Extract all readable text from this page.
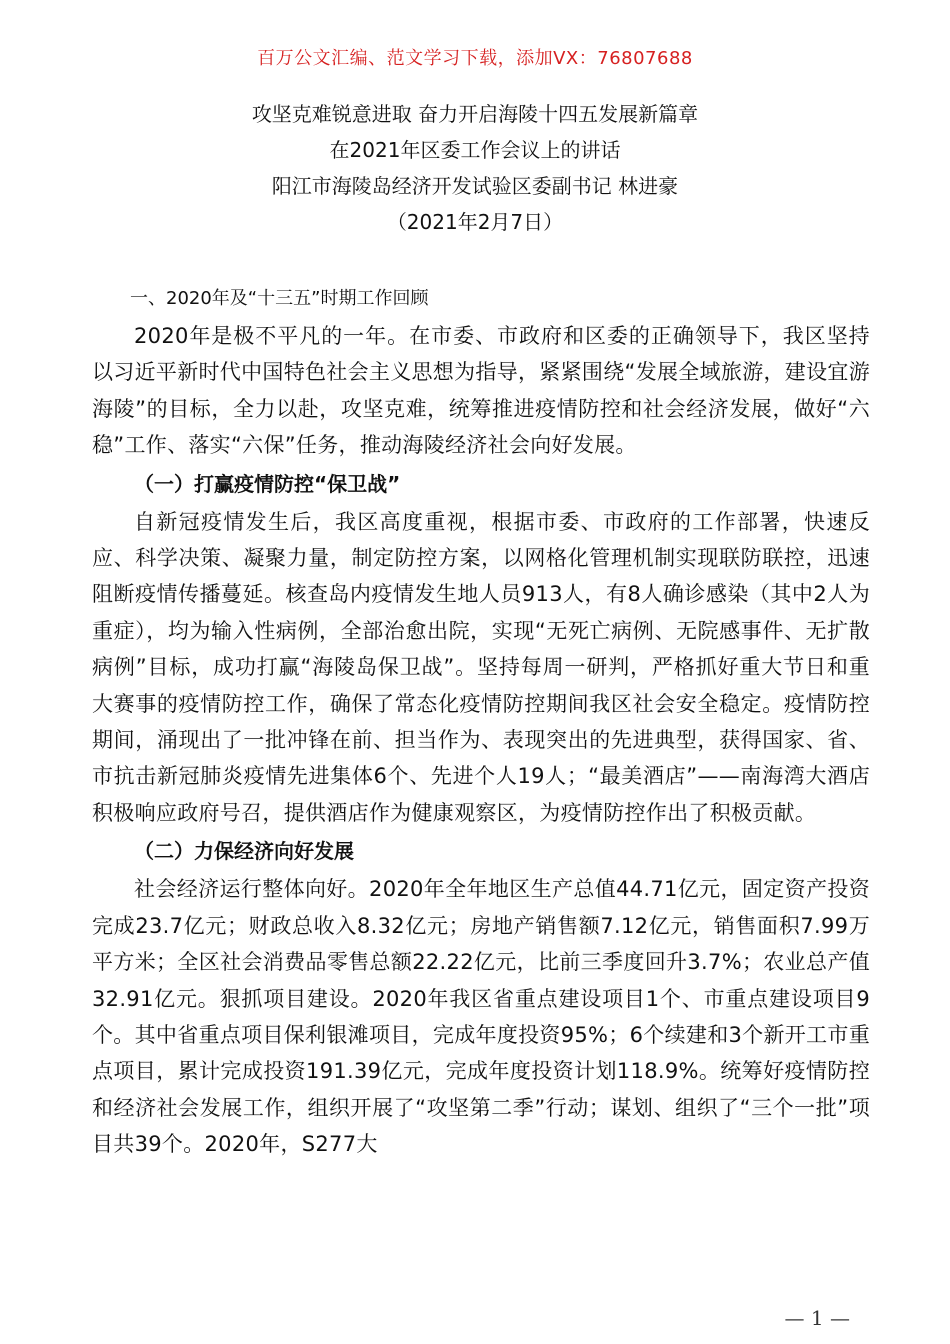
百万公文汇编、范文学习下载，添加VX：76807688
攻坚克难锐意进取 奋力开启海陵十四五发展新篇章
在2021年区委工作会议上的讲话
阳江市海陵岛经济开发试验区委副书记 林进豪
（2021年2月7日）

一、2020年及“十三五”时期工作回顾

2020年是极不平凡的一年。在市委、市政府和区委的正确领导下，我区坚持以习近平新时代中国特色社会主义思想为指导，紧紧围绕“发展全域旅游，建设宜游海陵”的目标，全力以赴，攻坚克难，统筹推进疫情防控和社会经济发展，做好“六稳”工作、落实“六保”任务，推动海陵经济社会向好发展。

（一）打赢疫情防控“保卫战”

自新冠疫情发生后，我区高度重视，根据市委、市政府的工作部署，快速反应、科学决策、凝聚力量，制定防控方案，以网格化管理机制实现联防联控，迅速阻断疫情传播蔓延。核查岛内疫情发生地人员913人，有8人确诊感染（其中2人为重症），均为输入性病例，全部治愈出院，实现“无死亡病例、无院感事件、无扩散病例”目标，成功打赢“海陵岛保卫战”。坚持每周一研判，严格抓好重大节日和重大赛事的疫情防控工作，确保了常态化疫情防控期间我区社会安全稳定。疫情防控期间，涌现出了一批冲锋在前、担当作为、表现突出的先进典型，获得国家、省、市抗击新冠肺炎疫情先进集体6个、先进个人19人；“最美酒店”——南海湾大酒店积极响应政府号召，提供酒店作为健康观察区，为疫情防控作出了积极贡献。

（二）力保经济向好发展

社会经济运行整体向好。2020年全年地区生产总值44.71亿元，固定资产投资完成23.7亿元；财政总收入8.32亿元；房地产销售额7.12亿元，销售面积7.99万平方米；全区社会消费品零售总额22.22亿元，比前三季度回升3.7%；农业总产值32.91亿元。狠抓项目建设。2020年我区省重点建设项目1个、市重点建设项目9个。其中省重点项目保利银滩项目，完成年度投资95%；6个续建和3个新开工市重点项目，累计完成投资191.39亿元，完成年度投资计划118.9%。统筹好疫情防控和经济社会发展工作，组织开展了“攻坚第二季”行动；谋划、组织了“三个一批”项目共39个。2020年，S277大

— 1 —
